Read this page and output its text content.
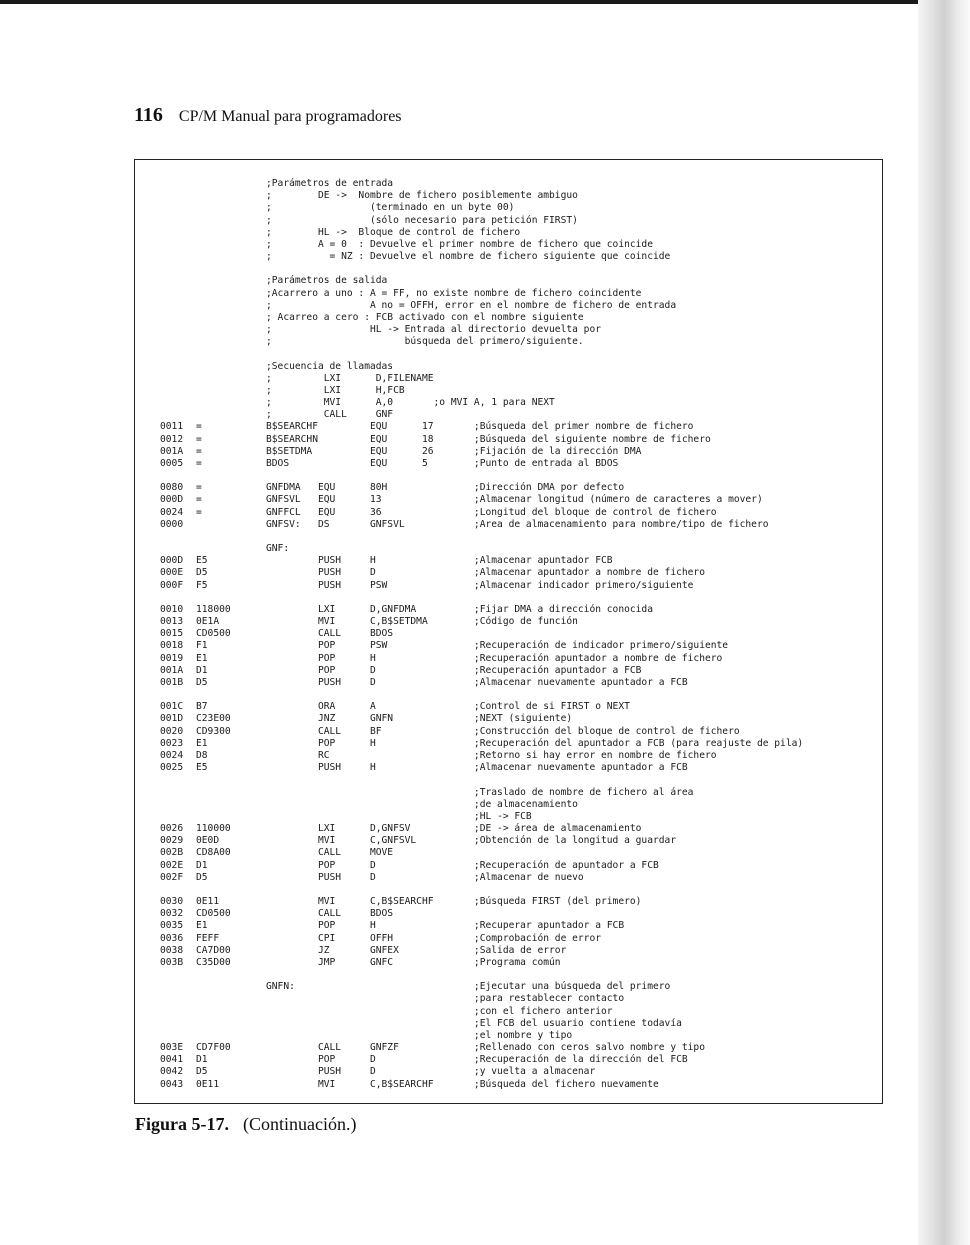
116 CP/M Manual para programadores
;Parámetros de entrada
;        DE ->  Nombre de fichero posiblemente ambiguo
;                 (terminado en un byte 00)
;                 (sólo necesario para petición FIRST)
;        HL ->  Bloque de control de fichero
;        A = 0  : Devuelve el primer nombre de fichero que coincide
;          = NZ : Devuelve el nombre de fichero siguiente que coincide
;Parámetros de salida
;Acarrero a uno : A = FF, no existe nombre de fichero coincidente
;                 A no = OFFH, error en el nombre de fichero de entrada
; Acarreo a cero : FCB activado con el nombre siguiente
;                 HL -> Entrada al directorio devuelta por
;                       búsqueda del primero/siguiente.
;Secuencia de llamadas
;         LXI      D,FILENAME
;         LXI      H,FCB
;         MVI      A,0       ;o MVI A, 1 para NEXT
;         CALL     GNF
0011 =	B$SEARCHF         EQU      17       ;Búsqueda del primer nombre de fichero
0012 =	B$SEARCHN         EQU      18       ;Búsqueda del siguiente nombre de fichero
001A =	B$SETDMA          EQU      26       ;Fijación de la dirección DMA
0005 =	BDOS              EQU      5        ;Punto de entrada al BDOS
0080 =	GNFDMA   EQU      80H               ;Dirección DMA por defecto
000D =	GNFSVL   EQU      13                ;Almacenar longitud (número de caracteres a mover)
0024 =	GNFFCL   EQU      36                ;Longitud del bloque de control de fichero
0000	GNFSV:   DS       GNFSVL            ;Area de almacenamiento para nombre/tipo de fichero
GNF:
000D E5	PUSH     H                 ;Almacenar apuntador FCB
000E D5	PUSH     D                 ;Almacenar apuntador a nombre de fichero
000F F5	PUSH     PSW               ;Almacenar indicador primero/siguiente
0010 118000	LXI      D,GNFDMA          ;Fijar DMA a dirección conocida
0013 0E1A	MVI      C,B$SETDMA        ;Código de función
0015 CD0500	CALL     BDOS
0018 F1	POP      PSW               ;Recuperación de indicador primero/siguiente
0019 E1	POP      H                 ;Recuperación apuntador a nombre de fichero
001A D1	POP      D                 ;Recuperación apuntador a FCB
001B D5	PUSH     D                 ;Almacenar nuevamente apuntador a FCB
001C B7	ORA      A                 ;Control de si FIRST o NEXT
001D C23E00	JNZ      GNFN              ;NEXT (siguiente)
0020 CD9300	CALL     BF                ;Construcción del bloque de control de fichero
0023 E1	POP      H                 ;Recuperación del apuntador a FCB (para reajuste de pila)
0024 D8	RC                         ;Retorno si hay error en nombre de fichero
0025 E5	PUSH     H                 ;Almacenar nuevamente apuntador a FCB
;Traslado de nombre de fichero al área
;de almacenamiento
;HL -> FCB
0026 110000	LXI      D,GNFSV           ;DE -> área de almacenamiento
0029 0E0D	MVI      C,GNFSVL          ;Obtención de la longitud a guardar
002B CD8A00	CALL     MOVE
002E D1	POP      D                 ;Recuperación de apuntador a FCB
002F D5	PUSH     D                 ;Almacenar de nuevo
0030 0E11	MVI      C,B$SEARCHF       ;Búsqueda FIRST (del primero)
0032 CD0500	CALL     BDOS
0035 E1	POP      H                 ;Recuperar apuntador a FCB
0036 FEFF	CPI      OFFH              ;Comprobación de error
0038 CA7D00	JZ       GNFEX             ;Salida de error
003B C35D00	JMP      GNFC              ;Programa común
GNFN:                               ;Ejecutar una búsqueda del primero
;para restablecer contacto
;con el fichero anterior
;El FCB del usuario contiene todavía
;el nombre y tipo
003E CD7F00	CALL     GNFZF             ;Rellenado con ceros salvo nombre y tipo
0041 D1	POP      D                 ;Recuperación de la dirección del FCB
0042 D5	PUSH     D                 ;y vuelta a almacenar
0043 0E11	MVI      C,B$SEARCHF       ;Búsqueda del fichero nuevamente
Figura 5-17. (Continuación.)
